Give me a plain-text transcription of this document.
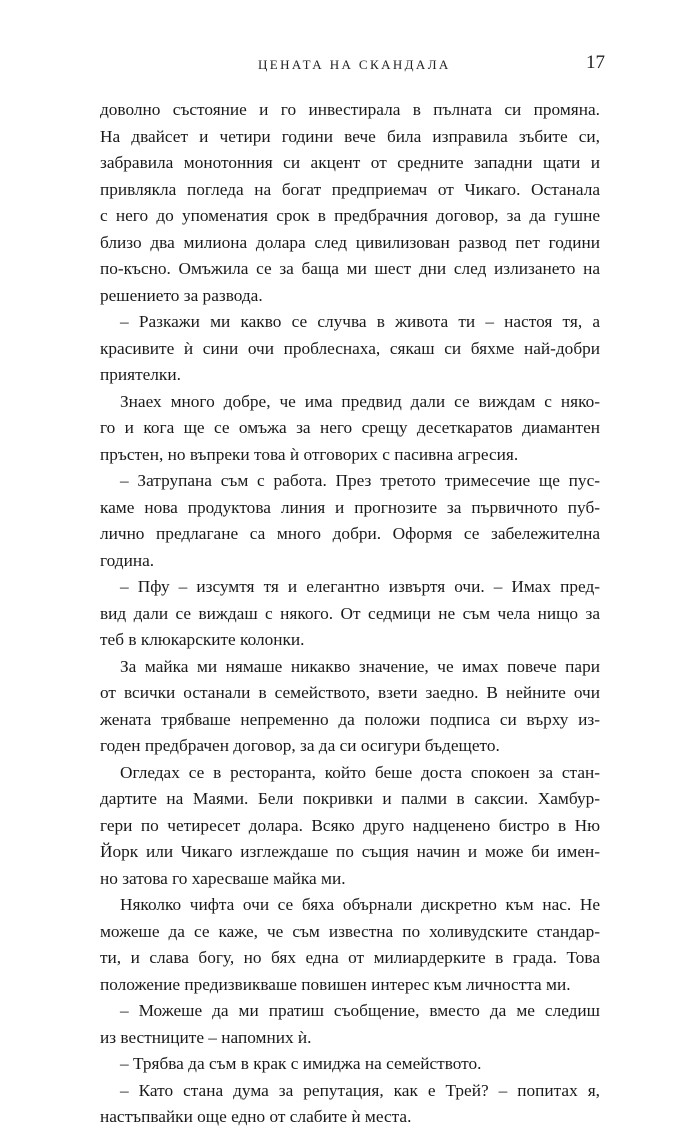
ЦЕНАТА НА СКАНДАЛА	17
доволно състояние и го инвестирала в пълната си промяна.
На двайсет и четири години вече била изправила зъбите си,
забравила монотонния си акцент от средните западни щати и
привлякла погледа на богат предприемач от Чикаго. Останала
с него до упоменатия срок в предбрачния договор, за да гушне
близо два милиона долара след цивилизован развод пет години
по-късно. Омъжила се за баща ми шест дни след излизането на
решението за развода.
– Разкажи ми какво се случва в живота ти – настоя тя, а
красивите ѝ сини очи проблеснаха, сякаш си бяхме най-добри
приятелки.
Знаех много добре, че има предвид дали се виждам с няко-
го и кога ще се омъжа за него срещу десеткаратов диамантен
пръстен, но въпреки това ѝ отговорих с пасивна агресия.
– Затрупана съм с работа. През третото тримесечие ще пус-
каме нова продуктова линия и прогнозите за първичното пуб-
лично предлагане са много добри. Оформя се забележителна
година.
– Пфу – изсумтя тя и елегантно извъртя очи. – Имах пред-
вид дали се виждаш с някого. От седмици не съм чела нищо за
теб в клюкарските колонки.
За майка ми нямаше никакво значение, че имах повече пари
от всички останали в семейството, взети заедно. В нейните очи
жената трябваше непременно да положи подписа си върху из-
годен предбрачен договор, за да си осигури бъдещето.
Огледах се в ресторанта, който беше доста спокоен за стан-
дартите на Маями. Бели покривки и палми в саксии. Хамбур-
гери по четиресет долара. Всяко друго надценено бистро в Ню
Йорк или Чикаго изглеждаше по същия начин и може би имен-
но затова го харесваше майка ми.
Няколко чифта очи се бяха обърнали дискретно към нас. Не
можеше да се каже, че съм известна по холивудските стандар-
ти, и слава богу, но бях една от милиардерките в града. Това
положение предизвикваше повишен интерес към личността ми.
– Можеше да ми пратиш съобщение, вместо да ме следиш
из вестниците – напомних ѝ.
– Трябва да съм в крак с имиджа на семейството.
– Като стана дума за репутация, как е Трей? – попитах я,
настъпвайки още едно от слабите ѝ места.
